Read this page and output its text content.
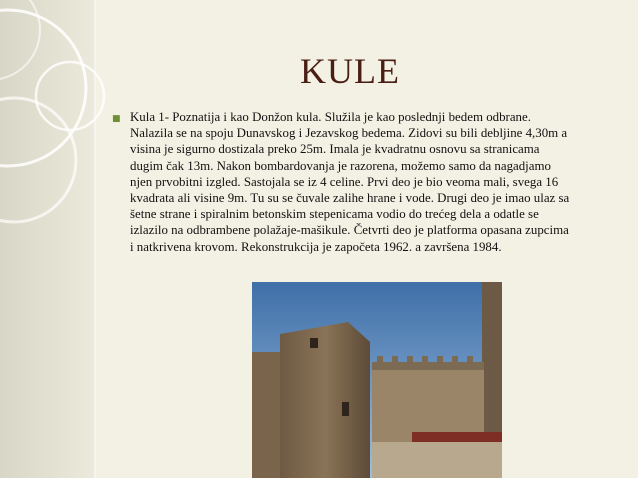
KULE
■ Kula 1- Poznatija i kao Donžon kula. Služila je kao poslednji bedem odbrane.
Nalazila se na spoju Dunavskog i Jezavskog bedema. Zidovi su bili debljine 4,30m a
visina je sigurno dostizala preko 25m. Imala je kvadratnu osnovu sa stranicama
dugim čak 13m. Nakon bombardovanja je razorena, možemo samo da nagadjamo
njen prvobitni izgled. Sastojala se iz 4 celine. Prvi deo je bio veoma mali, svega 16
kvadrata ali visine 9m. Tu su se čuvale zalihe hrane i vode. Drugi deo je imao ulaz sa
šetne strane i spiralnim betonskim stepenicama vodio do trećeg dela a odatle se
izlazilo na odbrambene polažaje-mašikule. Četvrti deo je platforma opasana zupcima
i natkrivena krovom. Rekonstrukcija je započeta 1962. a završena 1984.
